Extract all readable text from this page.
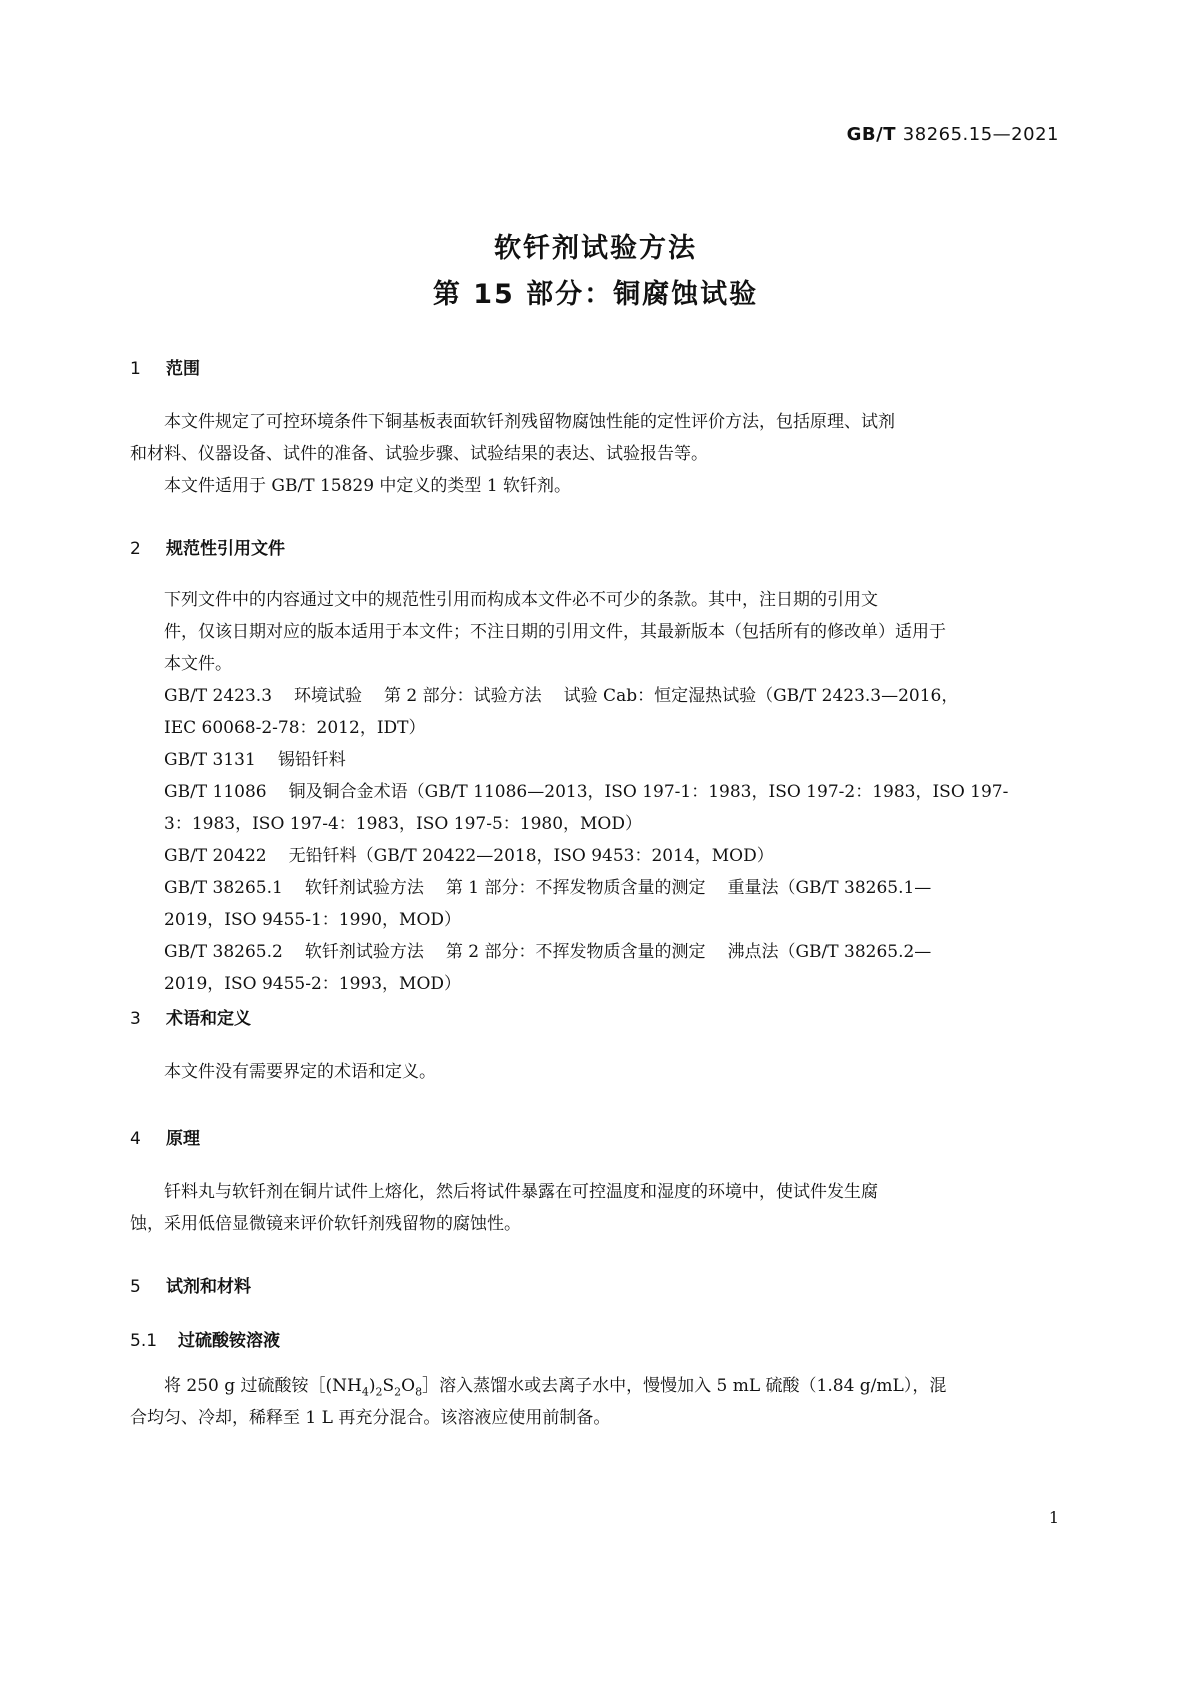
GB/T 38265.15—2021
软钎剂试验方法
第 15 部分：铜腐蚀试验
1 范围

本文件规定了可控环境条件下铜基板表面软钎剂残留物腐蚀性能的定性评价方法，包括原理、试剂

和材料、仪器设备、试件的准备、试验步骤、试验结果的表达、试验报告等。

本文件适用于 GB/T 15829 中定义的类型 1 软钎剂。

2 规范性引用文件

下列文件中的内容通过文中的规范性引用而构成本文件必不可少的条款。其中，注日期的引用文

件，仅该日期对应的版本适用于本文件；不注日期的引用文件，其最新版本（包括所有的修改单）适用于

本文件。

GB/T 2423.3 环境试验 第 2 部分：试验方法 试验 Cab：恒定湿热试验（GB/T 2423.3—2016，

IEC 60068-2-78：2012，IDT）

GB/T 3131 锡铅钎料

GB/T 11086 铜及铜合金术语（GB/T 11086—2013，ISO 197-1：1983，ISO 197-2：1983，ISO 197-

3：1983，ISO 197-4：1983，ISO 197-5：1980，MOD）

GB/T 20422 无铅钎料（GB/T 20422—2018，ISO 9453：2014，MOD）

GB/T 38265.1 软钎剂试验方法 第 1 部分：不挥发物质含量的测定 重量法（GB/T 38265.1—

2019，ISO 9455-1：1990，MOD）

GB/T 38265.2 软钎剂试验方法 第 2 部分：不挥发物质含量的测定 沸点法（GB/T 38265.2—

2019，ISO 9455-2：1993，MOD）

3 术语和定义

本文件没有需要界定的术语和定义。

4 原理

钎料丸与软钎剂在铜片试件上熔化，然后将试件暴露在可控温度和湿度的环境中，使试件发生腐

蚀，采用低倍显微镜来评价软钎剂残留物的腐蚀性。

5 试剂和材料
5.1 过硫酸铵溶液

将 250 g 过硫酸铵$[(NH_4)_2S_2O_8]$溶入蒸馏水或去离子水中，慢慢加入 5 mL 硫酸（1.84 g/mL），混

合均匀、冷却，稀释至 1 L 再充分混合。该溶液应使用前制备。

1
